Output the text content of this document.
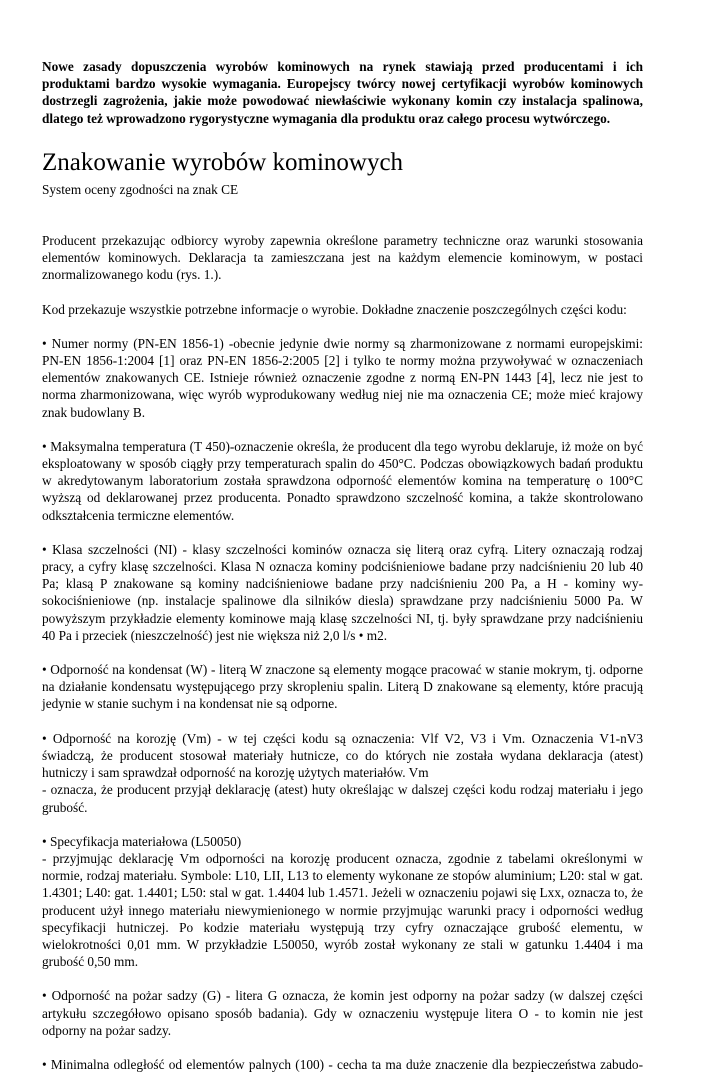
Nowe zasady dopuszczenia wyrobów kominowych na rynek stawiają przed producentami i ich produktami bardzo wysokie wymagania. Europejscy twórcy nowej certyfikacji wyrobów kominowych dostrzegli zagrożenia, jakie może powodować niewłaściwie wykonany komin czy instalacja spalinowa, dlatego też wprowadzono rygorystyczne wymagania dla produktu oraz całego procesu wytwórczego.

Znakowanie wyrobów kominowych

System oceny zgodności na znak CE

Producent przekazując odbiorcy wyroby zapewnia określone parametry techniczne oraz warunki stosowania elementów kominowych. Deklaracja ta zamieszczana jest na każdym elemencie kominowym, w postaci znormalizowanego kodu (rys. 1.).

Kod przekazuje wszystkie potrzebne informacje o wyrobie. Dokładne znaczenie poszczególnych części kodu:

• Numer normy (PN-EN 1856-1) -obecnie jedynie dwie normy są zharmonizowane z normami europejskimi: PN-EN 1856-1:2004 [1] oraz PN-EN 1856-2:2005 [2] i tylko te normy można przywoływać w oznaczeniach elementów znakowanych CE. Istnieje również oznaczenie zgodne z normą EN-PN 1443 [4], lecz nie jest to norma zharmonizowana, więc wyrób wyprodukowany według niej nie ma oznaczenia CE; może mieć krajowy znak budowlany B.

• Maksymalna temperatura (T 450)-oznaczenie określa, że producent dla tego wyrobu deklaruje, iż może on być eksploatowany w sposób ciągły przy temperaturach spalin do 450°C. Podczas obowiązkowych badań produktu w akredytowanym laboratorium została sprawdzona odporność elementów komina na temperaturę o 100°C wyższą od deklarowanej przez producenta. Ponadto sprawdzono szczelność komina, a także skontrolowano odkształcenia termiczne elementów.

• Klasa szczelności (NI) - klasy szczelności kominów oznacza się literą oraz cyfrą. Litery oznaczają rodzaj pracy, a cyfry klasę szczelności. Klasa N oznacza kominy podciśnieniowe badane przy nadciśnieniu 20 lub 40 Pa; klasą P znakowane są kominy nadciśnieniowe badane przy nadciśnieniu 200 Pa, a H - kominy wy-sokociśnieniowe (np. instalacje spalinowe dla silników diesla) sprawdzane przy nadciśnieniu 5000 Pa. W powyższym przykładzie elementy kominowe mają klasę szczelności NI, tj. były sprawdzane przy nadciśnieniu 40 Pa i przeciek (nieszczelność) jest nie większa niż 2,0 l/s • m2.

• Odporność na kondensat (W) - literą W znaczone są elementy mogące pracować w stanie mokrym, tj. odporne na działanie kondensatu występującego przy skropleniu spalin. Literą D znakowane są elementy, które pracują jedynie w stanie suchym i na kondensat nie są odporne.

• Odporność na korozję (Vm) - w tej części kodu są oznaczenia: Vlf V2, V3 i Vm. Oznaczenia V1-nV3 świadczą, że producent stosował materiały hutnicze, co do których nie została wydana deklaracja (atest) hutniczy i sam sprawdzał odporność na korozję użytych materiałów. Vm

- oznacza, że producent przyjął deklarację (atest) huty określając w dalszej części kodu rodzaj materiału i jego grubość.

• Specyfikacja materiałowa (L50050)

- przyjmując deklarację Vm odporności na korozję producent oznacza, zgodnie z tabelami określonymi w normie, rodzaj materiału. Symbole: L10, LII, L13 to elementy wykonane ze stopów aluminium; L20: stal w gat. 1.4301; L40: gat. 1.4401; L50: stal w gat. 1.4404 lub 1.4571. Jeżeli w oznaczeniu pojawi się Lxx, oznacza to, że producent użył innego materiału niewymienionego w normie przyjmując warunki pracy i odporności według specyfikacji hutniczej. Po kodzie materiału występują trzy cyfry oznaczające grubość elementu, w wielokrotności 0,01 mm. W przykładzie L50050, wyrób został wykonany ze stali w gatunku 1.4404 i ma grubość 0,50 mm.

• Odporność na pożar sadzy (G) - litera G oznacza, że komin jest odporny na pożar sadzy (w dalszej części artykułu szczegółowo opisano sposób badania). Gdy w oznaczeniu występuje litera O - to komin nie jest odporny na pożar sadzy.

• Minimalna odległość od elementów palnych (100) - cecha ta ma duże znaczenie dla bezpieczeństwa zabudo-
